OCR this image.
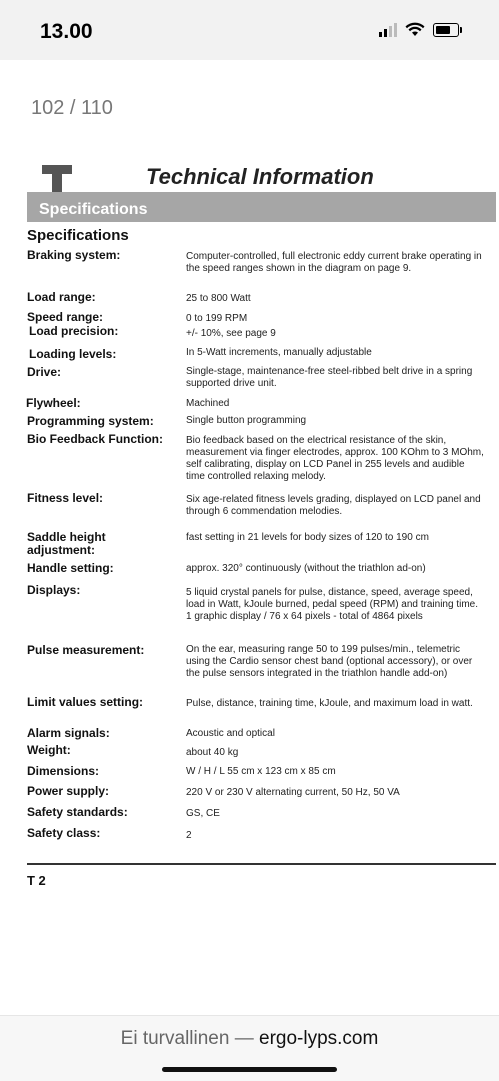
13.00
102 / 110
Technical Information
Specifications
Specifications
Braking system:	Computer-controlled, full electronic eddy current brake operating in the speed ranges shown in the diagram on page 9.
Load range:	25 to 800 Watt
Speed range:	0 to 199 RPM
Load precision:	+/- 10%, see page 9
Loading levels:	In 5-Watt increments, manually adjustable
Drive:	Single-stage, maintenance-free steel-ribbed belt drive in a spring supported drive unit.
Flywheel:	Machined
Programming system:	Single button programming
Bio Feedback Function:	Bio feedback based on the electrical resistance of the skin, measurement via finger electrodes, approx. 100 KOhm to 3 MOhm, self calibrating, display on LCD Panel in 255 levels and audible time controlled relaxing melody.
Fitness level:	Six age-related fitness levels grading, displayed on LCD panel and through 6 commendation melodies.
Saddle height adjustment:
fast setting in 21 levels for body sizes of 120 to 190 cm
Handle setting:	approx. 320° continuously (without the triathlon ad-on)
Displays:	5 liquid crystal panels for pulse, distance, speed, average speed, load in Watt, kJoule burned, pedal speed (RPM) and training time. 1 graphic display / 76 x 64 pixels - total of 4864 pixels
Pulse measurement:	On the ear, measuring range 50 to 199 pulses/min., telemetric using the Cardio sensor chest band (optional accessory), or over the pulse sensors integrated in the triathlon handle add-on)
Limit values setting:	Pulse, distance, training time, kJoule, and maximum load in watt.
Alarm signals:	Acoustic and optical
Weight:	about 40 kg
Dimensions:	W / H / L 55 cm x 123 cm x 85 cm
Power supply:	220 V or 230 V alternating current, 50 Hz, 50 VA
Safety standards:	GS, CE
Safety class:	2
T 2
Ei turvallinen — ergo-lyps.com
